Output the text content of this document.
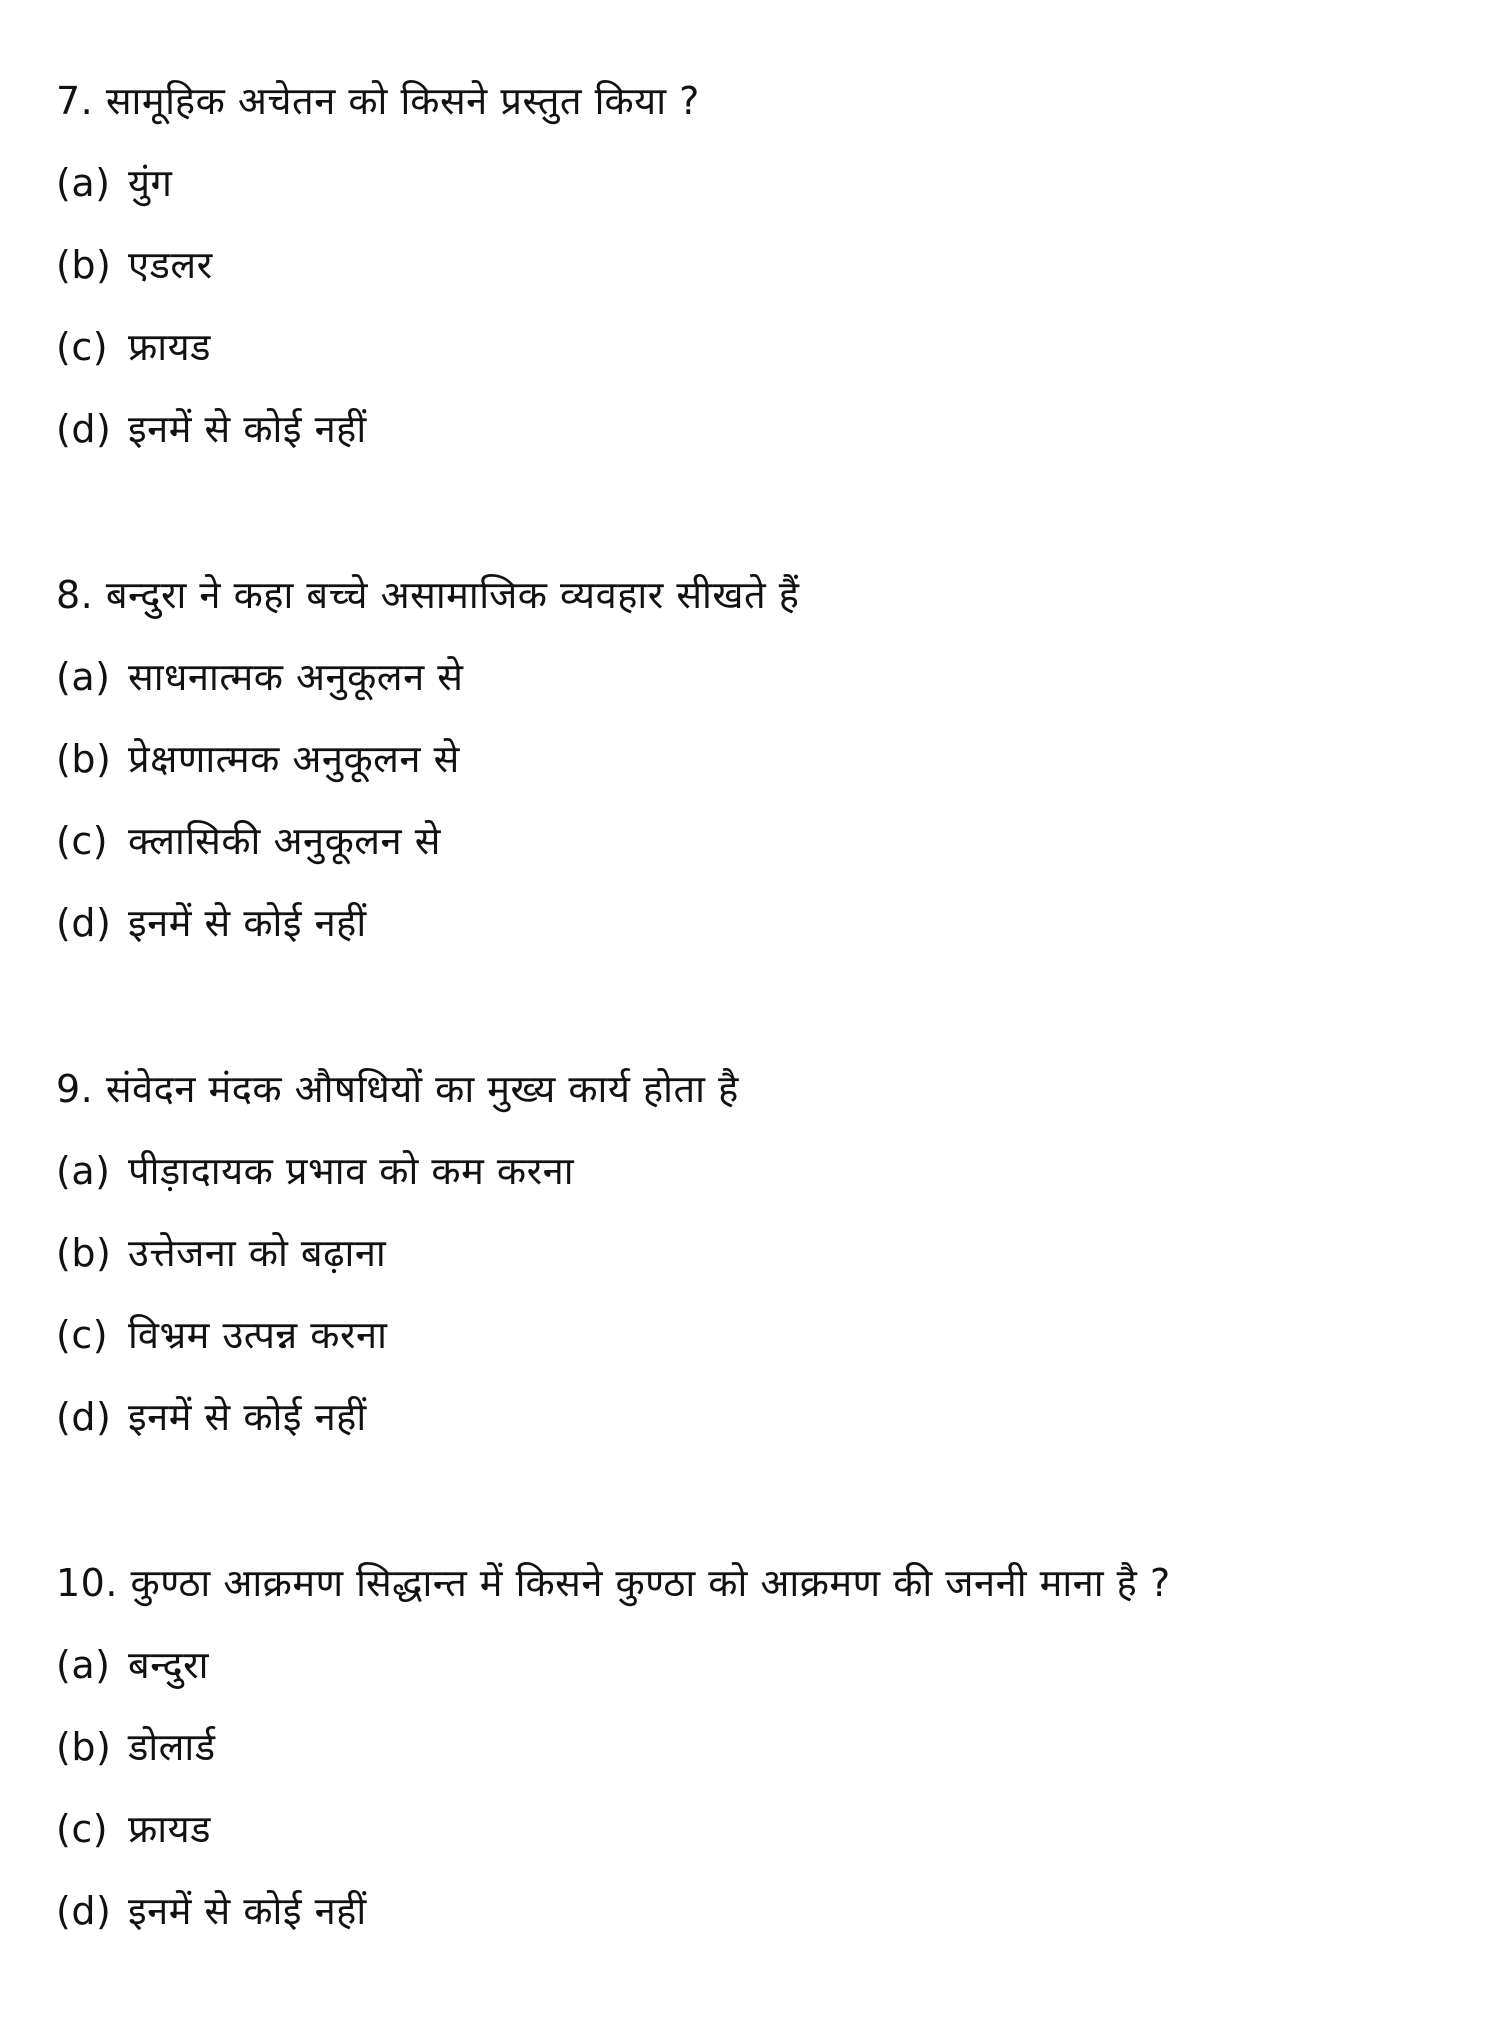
7. सामूहिक अचेतन को किसने प्रस्तुत किया ?
(a) युंग
(b) एडलर
(c) फ्रायड
(d) इनमें से कोई नहीं
8. बन्दुरा ने कहा बच्चे असामाजिक व्यवहार सीखते हैं
(a) साधनात्मक अनुकूलन से
(b) प्रेक्षणात्मक अनुकूलन से
(c) क्लासिकी अनुकूलन से
(d) इनमें से कोई नहीं
9. संवेदन मंदक औषधियों का मुख्य कार्य होता है
(a) पीड़ादायक प्रभाव को कम करना
(b) उत्तेजना को बढ़ाना
(c) विभ्रम उत्पन्न करना
(d) इनमें से कोई नहीं
10. कुण्ठा आक्रमण सिद्धान्त में किसने कुण्ठा को आक्रमण की जननी माना है ?
(a) बन्दुरा
(b) डोलार्ड
(c) फ्रायड
(d) इनमें से कोई नहीं
